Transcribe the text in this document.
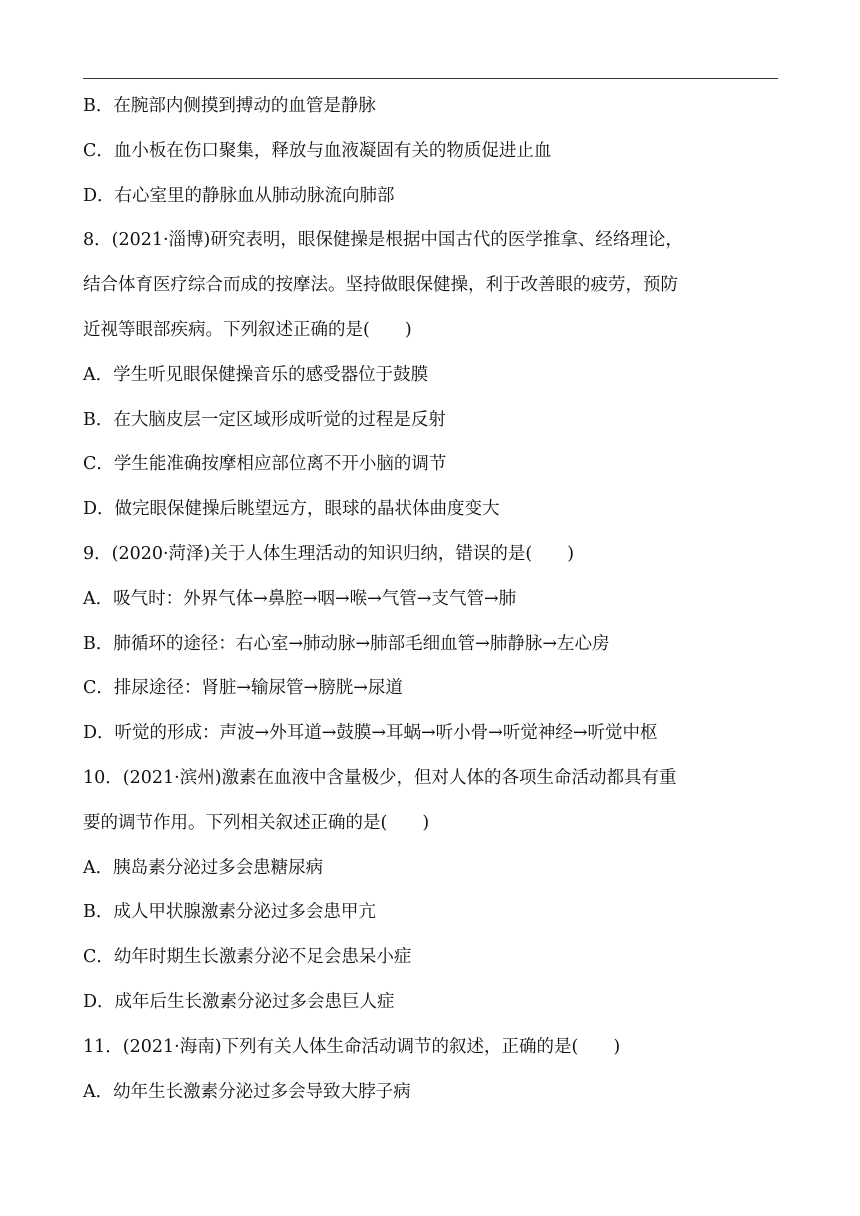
B．在腕部内侧摸到搏动的血管是静脉
C．血小板在伤口聚集，释放与血液凝固有关的物质促进止血
D．右心室里的静脉血从肺动脉流向肺部
8．(2021·淄博)研究表明，眼保健操是根据中国古代的医学推拿、经络理论，
结合体育医疗综合而成的按摩法。坚持做眼保健操，利于改善眼的疲劳，预防
近视等眼部疾病。下列叙述正确的是(　　)
A．学生听见眼保健操音乐的感受器位于鼓膜
B．在大脑皮层一定区域形成听觉的过程是反射
C．学生能准确按摩相应部位离不开小脑的调节
D．做完眼保健操后眺望远方，眼球的晶状体曲度变大
9．(2020·菏泽)关于人体生理活动的知识归纳，错误的是(　　)
A．吸气时：外界气体→鼻腔→咽→喉→气管→支气管→肺
B．肺循环的途径：右心室→肺动脉→肺部毛细血管→肺静脉→左心房
C．排尿途径：肾脏→输尿管→膀胱→尿道
D．听觉的形成：声波→外耳道→鼓膜→耳蜗→听小骨→听觉神经→听觉中枢
10．(2021·滨州)激素在血液中含量极少，但对人体的各项生命活动都具有重
要的调节作用。下列相关叙述正确的是(　　)
A．胰岛素分泌过多会患糖尿病
B．成人甲状腺激素分泌过多会患甲亢
C．幼年时期生长激素分泌不足会患呆小症
D．成年后生长激素分泌过多会患巨人症
11．(2021·海南)下列有关人体生命活动调节的叙述，正确的是(　　)
A．幼年生长激素分泌过多会导致大脖子病
